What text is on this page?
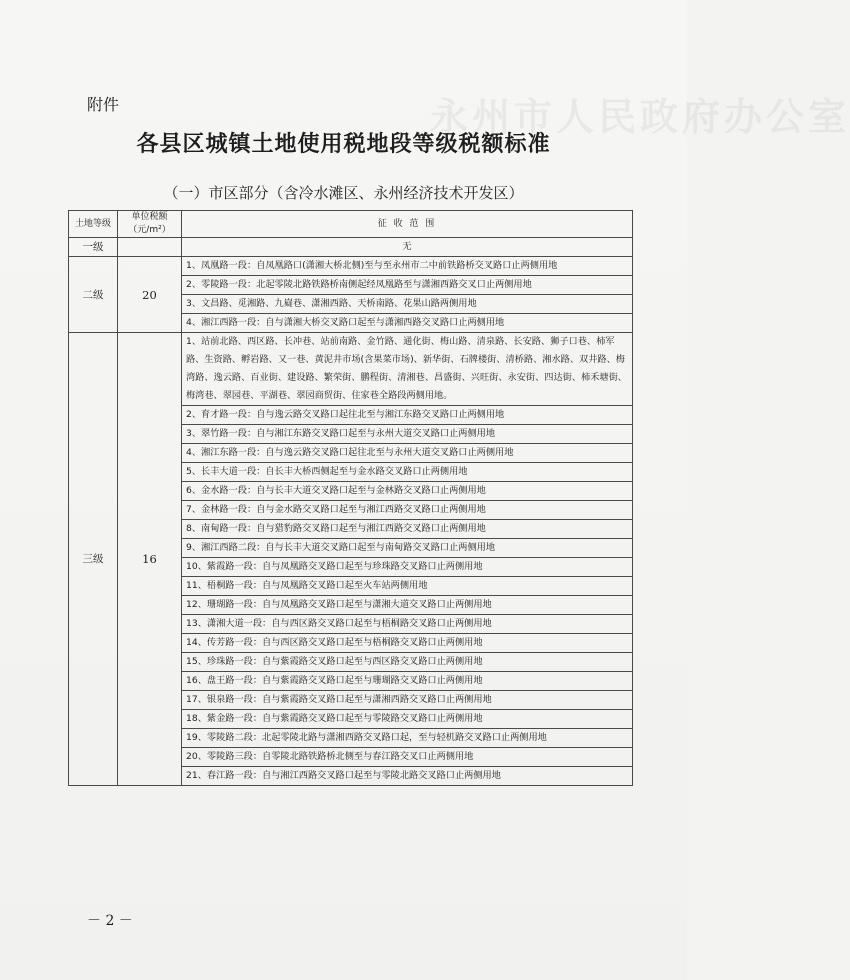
永州市人民政府办公室
附件
各县区城镇土地使用税地段等级税额标准
（一）市区部分（含冷水滩区、永州经济技术开发区）
土地等级	单位税额（元/m²）	征 收 范 围
一级		无
二级	20	1、凤凰路一段：自凤凰路口(潇湘大桥北侧)至与至永州市二中前铁路桥交叉路口止两侧用地
		2、零陵路一段：北起零陵北路铁路桥南侧起经凤凰路至与潇湘西路交叉口止两侧用地
		3、文昌路、觅湘路、九嶷巷、潇湘西路、天桥南路、花果山路两侧用地
		4、湘江西路一段：自与潇湘大桥交叉路口起至与潇湘西路交叉路口止两侧用地
三级	16	1、站前北路、西区路、长冲巷、站前南路、金竹路、通化街、梅山路、清泉路、长安路、狮子口巷、柿军路、生资路、孵岩路、又一巷、黄泥井市场(含果菜市场)、新华街、石牌楼街、清桥路、湘水路、双井路、梅湾路、逸云路、百业街、建设路、繁荣街、鹏程街、清湘巷、昌盛街、兴旺街、永安街、四达街、柿禾塘街、梅湾巷、翠园巷、平湖巷、翠园商贸街、住家巷全路段两侧用地。
		2、育才路一段：自与逸云路交叉路口起往北至与湘江东路交叉路口止两侧用地
		3、翠竹路一段：自与湘江东路交叉路口起至与永州大道交叉路口止两侧用地
		4、湘江东路一段：自与逸云路交叉路口起往北至与永州大道交叉路口止两侧用地
		5、长丰大道一段：自长丰大桥西侧起至与金水路交叉路口止两侧用地
		6、金水路一段：自与长丰大道交叉路口起至与金林路交叉路口止两侧用地
		7、金林路一段：自与金水路交叉路口起至与湘江西路交叉路口止两侧用地
		8、南甸路一段：自与猎豹路交叉路口起至与湘江西路交叉路口止两侧用地
		9、湘江西路二段：自与长丰大道交叉路口起至与南甸路交叉路口止两侧用地
		10、紫霞路一段：自与凤凰路交叉路口起至与珍珠路交叉路口止两侧用地
		11、梧桐路一段：自与凤凰路交叉路口起至火车站两侧用地
		12、珊瑚路一段：自与凤凰路交叉路口起至与潇湘大道交叉路口止两侧用地
		13、潇湘大道一段：自与西区路交叉路口起至与梧桐路交叉路口止两侧用地
		14、传芳路一段：自与西区路交叉路口起至与梧桐路交叉路口止两侧用地
		15、珍珠路一段：自与紫霞路交叉路口起至与西区路交叉路口止两侧用地
		16、盘王路一段：自与紫霞路交叉路口起至与珊瑚路交叉路口止两侧用地
		17、银泉路一段：自与紫霞路交叉路口起至与潇湘西路交叉路口止两侧用地
		18、紫金路一段：自与紫霞路交叉路口起至与零陵路交叉路口止两侧用地
		19、零陵路二段：北起零陵北路与潇湘西路交叉路口起，至与轻机路交叉路口止两侧用地
		20、零陵路三段：自零陵北路铁路桥北侧至与春江路交叉口止两侧用地
		21、春江路一段：自与湘江西路交叉路口起至与零陵北路交叉路口止两侧用地
－ 2 －
